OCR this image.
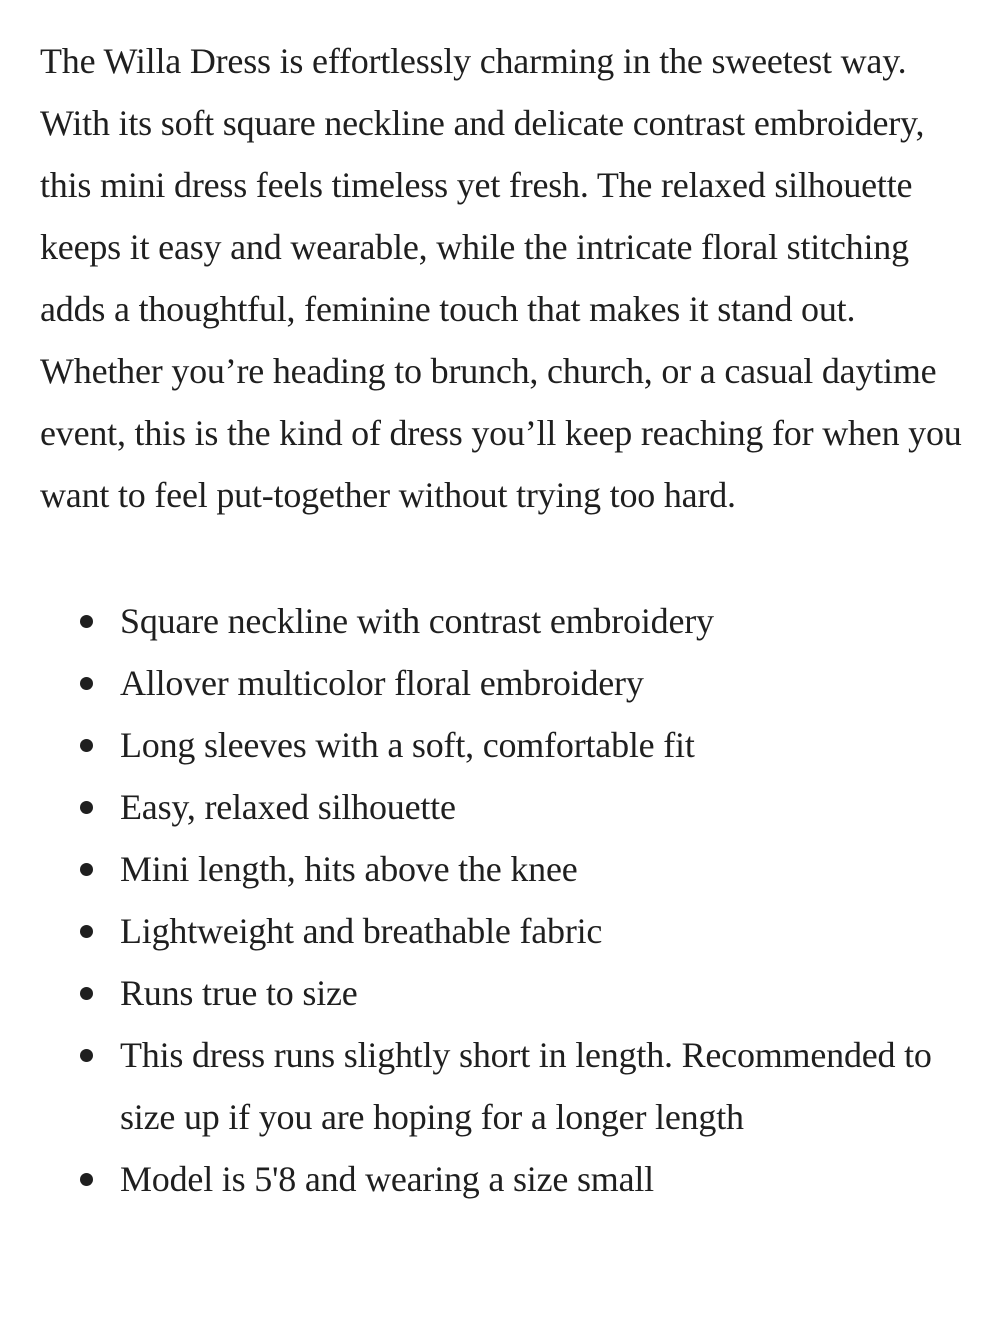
The Willa Dress is effortlessly charming in the sweetest way. With its soft square neckline and delicate contrast embroidery, this mini dress feels timeless yet fresh. The relaxed silhouette keeps it easy and wearable, while the intricate floral stitching adds a thoughtful, feminine touch that makes it stand out. Whether you’re heading to brunch, church, or a casual daytime event, this is the kind of dress you’ll keep reaching for when you want to feel put-together without trying too hard.

Square neckline with contrast embroidery
Allover multicolor floral embroidery
Long sleeves with a soft, comfortable fit
Easy, relaxed silhouette
Mini length, hits above the knee
Lightweight and breathable fabric
Runs true to size
This dress runs slightly short in length. Recommended to size up if you are hoping for a longer length
Model is 5'8 and wearing a size small
